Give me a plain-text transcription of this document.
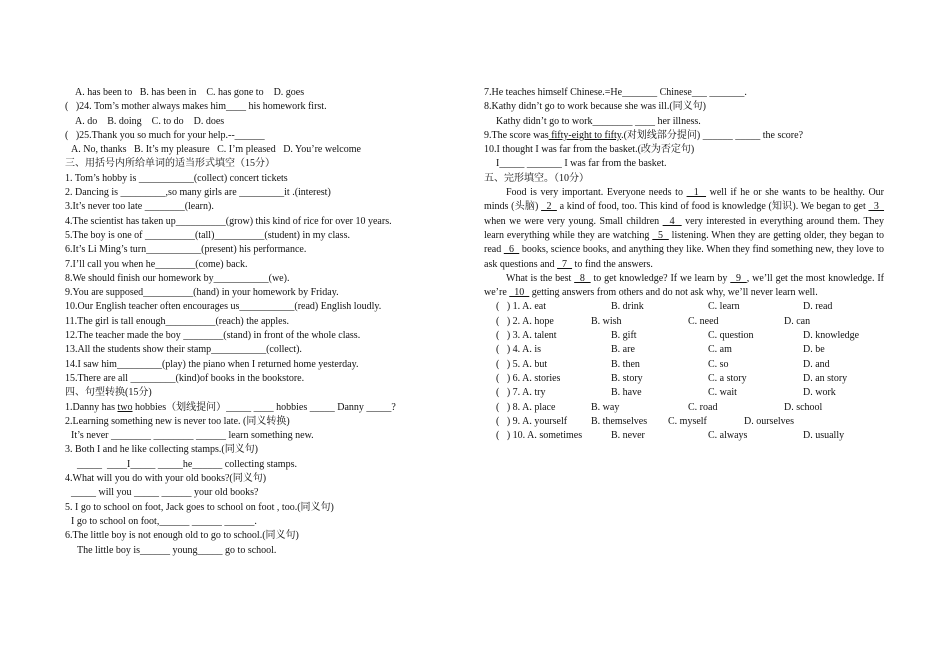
A. has been to   B. has been in    C. has gone to    D. goes
(   )24. Tom’s mother always makes him____ his homework first.
A. do    B. doing    C. to do    D. does
(   )25.Thank you so much for your help.--______
A. No, thanks   B. It’s my pleasure   C. I’m pleased   D. You’re welcome
三、用括号内所给单词的适当形式填空（15分）
1. Tom’s hobby is ___________(collect) concert tickets
2. Dancing is _________,so many girls are _________it .(interest)
3.It’s never too late ________(learn).
4.The scientist has taken up__________(grow) this kind of rice for over 10 years.
5.The boy is one of __________(tall)__________(student) in my class.
6.It’s Li Ming’s turn___________(present) his performance.
7.I’ll call you when he________(come) back.
8.We should finish our homework by___________(we).
9.You are supposed__________(hand) in your homework by Friday.
10.Our English teacher often encourages us___________(read) English loudly.
11.The girl is tall enough__________(reach) the apples.
12.The teacher made the boy ________(stand) in front of the whole class.
13.All the students show their stamp___________(collect).
14.I saw him_________(play) the piano when I returned home yesterday.
15.There are all _________(kind)of books in the bookstore.
四、句型转换(15分)
1.Danny has two hobbies（划线提问）_____ ____ hobbies _____ Danny _____?
2.Learning something new is never too late. (同义转换)
It’s never ________ ________ ______ learn something new.
3. Both I and he like collecting stamps.(同义句)
_____  ____I_____ _____he______ collecting stamps.
4.What will you do with your old books?(同义句)
_____ will you _____ ______ your old books?
5. I go to school on foot, Jack goes to school on foot , too.(同义句)
I go to school on foot,______ ______ ______.
6.The little boy is not enough old to go to school.(同义句)
The little boy is______ young_____ go to school.
7.He teaches himself Chinese.=He_______ Chinese___ _______.
8.Kathy didn’t go to work because she was ill.(同义句)
Kathy didn’t go to work________ ____ her illness.
9.The score was fifty-eight to fifty.(对划线部分提问) ______ _____ the score?
10.I thought I was far from the basket.(改为否定句)
I_____ _______ I was far from the basket.
五、完形填空。（10分）

Food is very important. Everyone needs to   1   well if he or she wants to be healthy. Our minds (头脑)   2   a kind of food, too. This kind of food is knowledge (知识). We began to get   3   when we were very young. Small children   4   very interested in everything around them. They learn everything while they are watching   5   listening. When they are getting older, they began to read   6   books, science books, and anything they like. When they find something new, they love to ask questions and   7   to find the answers.

What is the best   8   to get knowledge? If we learn by   9  , we’ll get the most knowledge. If we’re   10   getting answers from others and do not ask why, we’ll never learn well.

(   ) 1. A. eat	B. drink	C. learn	D. read
(   ) 2. A. hope	B. wish	C. need	D. can
(   ) 3. A. talent	B. gift	C. question	D. knowledge
(   ) 4. A. is	B. are	C. am	D. be
(   ) 5. A. but	B. then	C. so	D. and
(   ) 6. A. stories	B. story	C. a story	D. an story
(   ) 7. A. try	B. have	C. wait	D. work
(   ) 8. A. place	B. way	C. road	D. school
(   ) 9. A. yourself B. themselves C. myself	D. ourselves
(   ) 10. A. sometimes	B. never	C. always	D. usually
